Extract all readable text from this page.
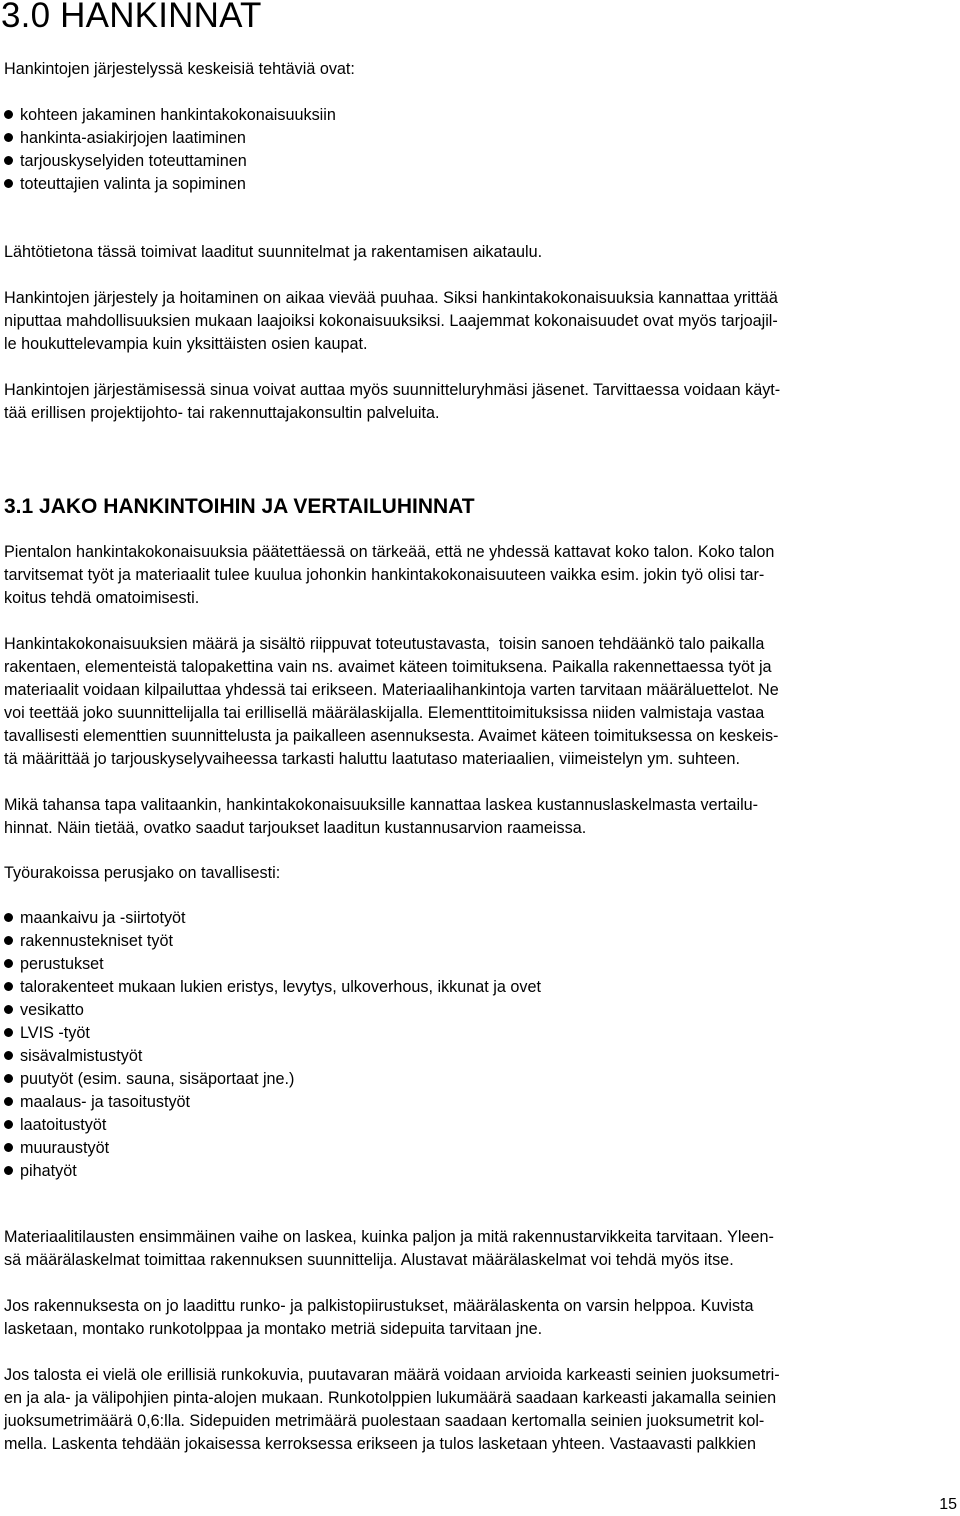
3.0 HANKINNAT

Hankintojen järjestelyssä keskeisiä tehtäviä ovat:

kohteen jakaminen hankintakokonaisuuksiin
hankinta-asiakirjojen laatiminen
tarjouskyselyiden toteuttaminen
toteuttajien valinta ja sopiminen

Lähtötietona tässä toimivat laaditut suunnitelmat ja rakentamisen aikataulu.

Hankintojen järjestely ja hoitaminen on aikaa vievää puuhaa. Siksi hankintakokonaisuuksia kannattaa yrittää
niputtaa mahdollisuuksien mukaan laajoiksi kokonaisuuksiksi. Laajemmat kokonaisuudet ovat myös tarjoajil-
le houkuttelevampia kuin yksittäisten osien kaupat.

Hankintojen järjestämisessä sinua voivat auttaa myös suunnitteluryhmäsi jäsenet. Tarvittaessa voidaan käyt-
tää erillisen projektijohto- tai rakennuttajakonsultin palveluita.

3.1 JAKO HANKINTOIHIN JA VERTAILUHINNAT

Pientalon hankintakokonaisuuksia päätettäessä on tärkeää, että ne yhdessä kattavat koko talon. Koko talon
tarvitsemat työt ja materiaalit tulee kuulua johonkin hankintakokonaisuuteen vaikka esim. jokin työ olisi tar-
koitus tehdä omatoimisesti.

Hankintakokonaisuuksien määrä ja sisältö riippuvat toteutustavasta,  toisin sanoen tehdäänkö talo paikalla
rakentaen, elementeistä talopakettina vain ns. avaimet käteen toimituksena. Paikalla rakennettaessa työt ja
materiaalit voidaan kilpailuttaa yhdessä tai erikseen. Materiaalihankintoja varten tarvitaan määräluettelot. Ne
voi teettää joko suunnittelijalla tai erillisellä määrälaskijalla. Elementtitoimituksissa niiden valmistaja vastaa
tavallisesti elementtien suunnittelusta ja paikalleen asennuksesta. Avaimet käteen toimituksessa on keskeis-
tä määrittää jo tarjouskyselyvaiheessa tarkasti haluttu laatutaso materiaalien, viimeistelyn ym. suhteen.

Mikä tahansa tapa valitaankin, hankintakokonaisuuksille kannattaa laskea kustannuslaskelmasta vertailu-
hinnat. Näin tietää, ovatko saadut tarjoukset laaditun kustannusarvion raameissa.

Työurakoissa perusjako on tavallisesti:

maankaivu ja -siirtotyöt
rakennustekniset työt
perustukset
talorakenteet mukaan lukien eristys, levytys, ulkoverhous, ikkunat ja ovet
vesikatto
LVIS -työt
sisävalmistustyöt
puutyöt (esim. sauna, sisäportaat jne.)
maalaus- ja tasoitustyöt
laatoitustyöt
muuraustyöt
pihatyöt

Materiaalitilausten ensimmäinen vaihe on laskea, kuinka paljon ja mitä rakennustarvikkeita tarvitaan. Yleen-
sä määrälaskelmat toimittaa rakennuksen suunnittelija. Alustavat määrälaskelmat voi tehdä myös itse.

Jos rakennuksesta on jo laadittu runko- ja palkistopiirustukset, määrälaskenta on varsin helppoa. Kuvista
lasketaan, montako runkotolppaa ja montako metriä sidepuita tarvitaan jne.

Jos talosta ei vielä ole erillisiä runkokuvia, puutavaran määrä voidaan arvioida karkeasti seinien juoksumetri-
en ja ala- ja välipohjien pinta-alojen mukaan. Runkotolppien lukumäärä saadaan karkeasti jakamalla seinien
juoksumetrimäärä 0,6:lla. Sidepuiden metrimäärä puolestaan saadaan kertomalla seinien juoksumetrit kol-
mella. Laskenta tehdään jokaisessa kerroksessa erikseen ja tulos lasketaan yhteen. Vastaavasti palkkien

15
